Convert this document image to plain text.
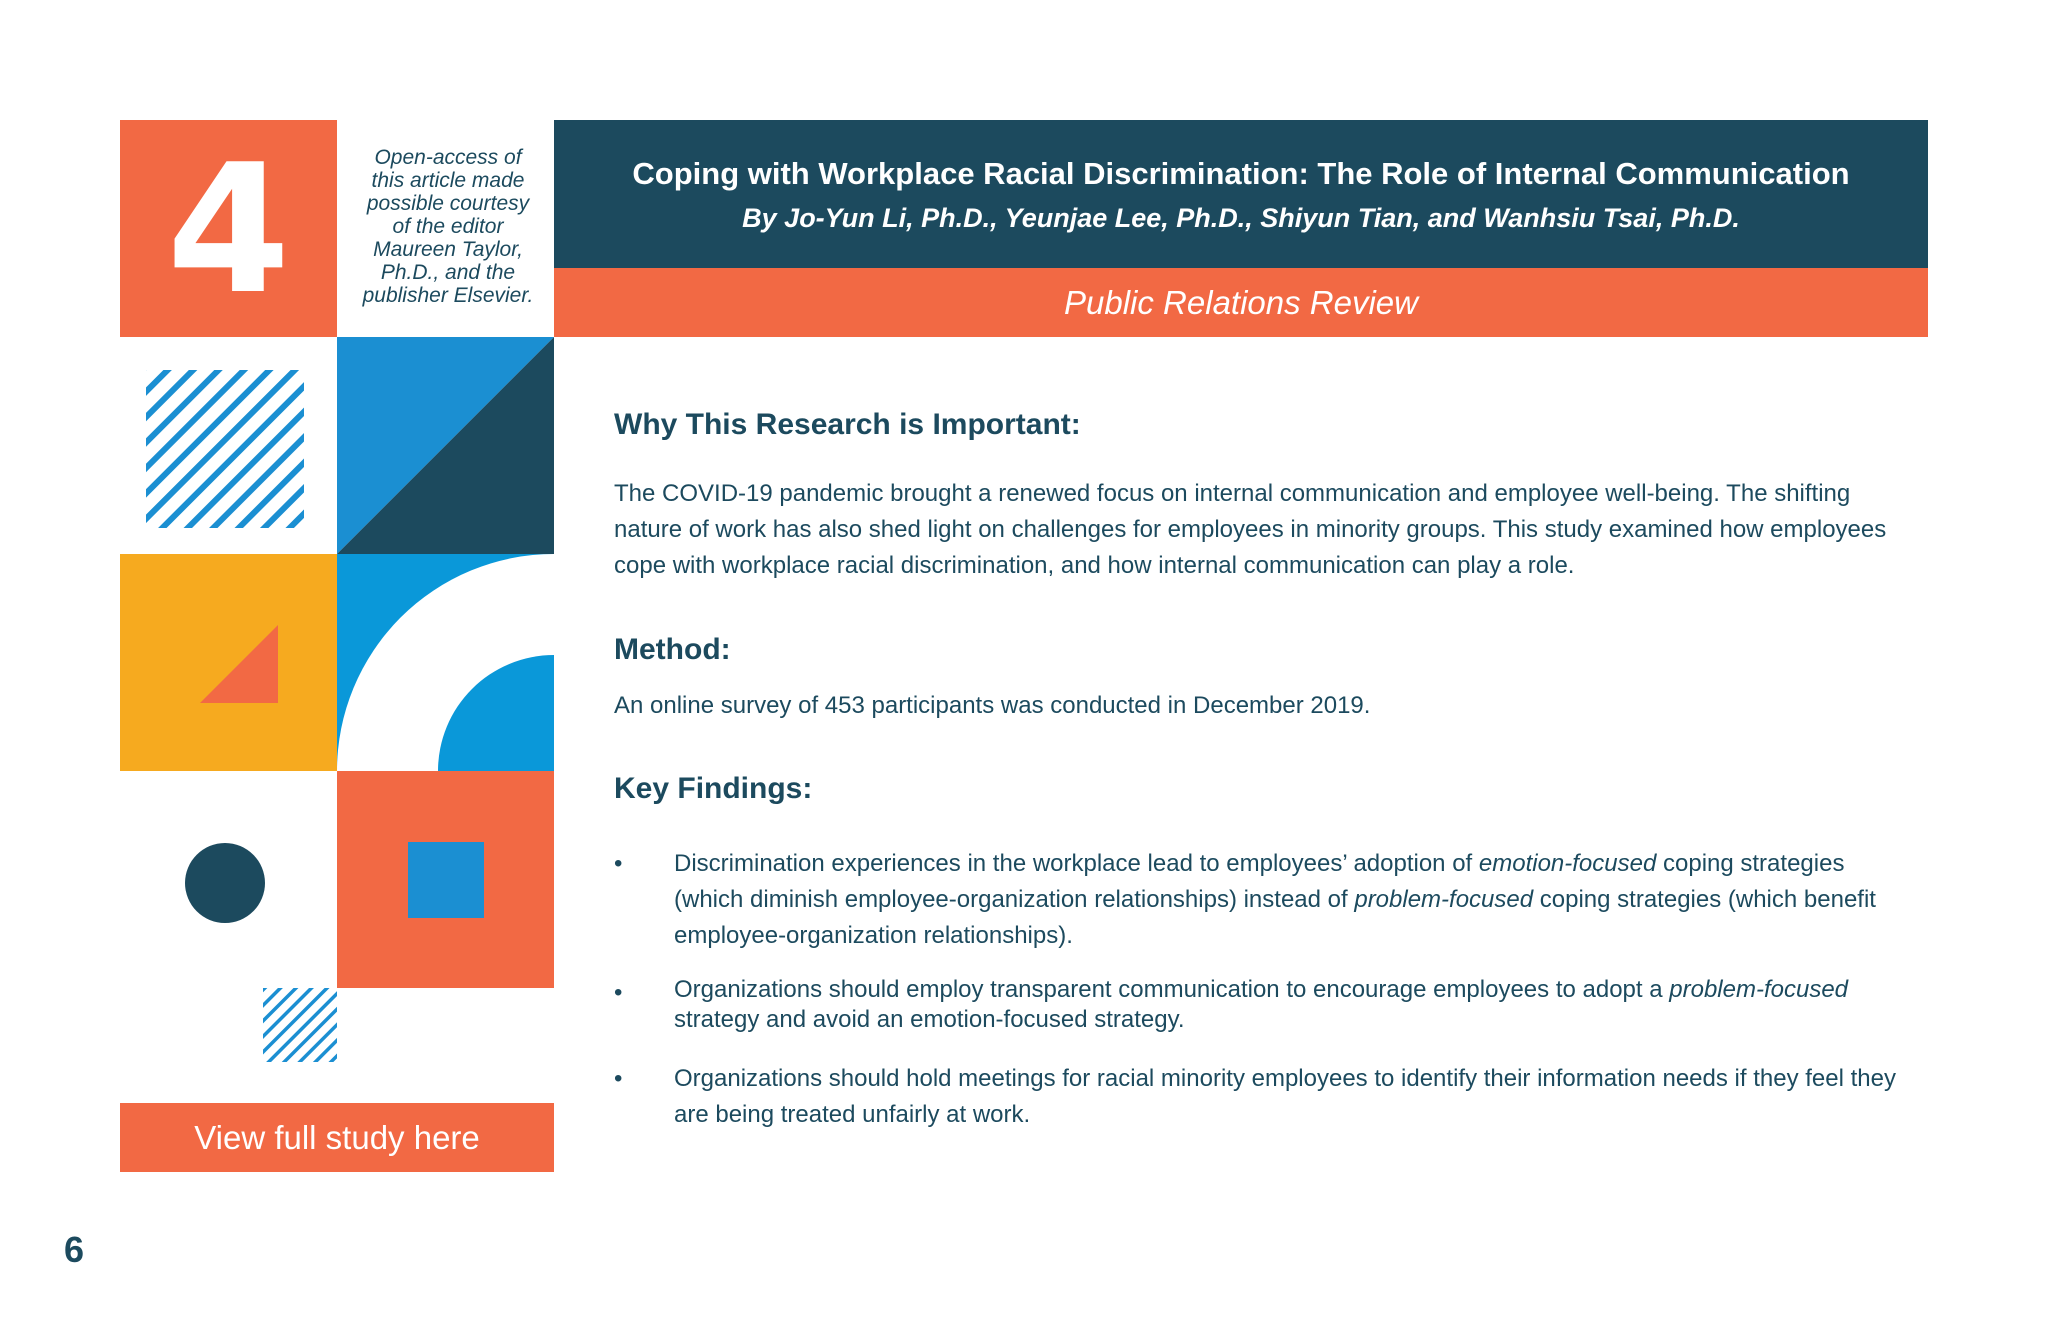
4	Open-access of
this article made
possible courtesy
of the editor
Maureen Taylor,
Ph.D., and the
publisher Elsevier.
Coping with Workplace Racial Discrimination: The Role of Internal Communication
By Jo-Yun Li, Ph.D., Yeunjae Lee, Ph.D., Shiyun Tian, and Wanhsiu Tsai, Ph.D.
Public Relations Review
Why This Research is Important:

The COVID-19 pandemic brought a renewed focus on internal communication and employee well-being. The shifting nature of work has also shed light on challenges for employees in minority groups. This study examined how employees cope with workplace racial discrimination, and how internal communication can play a role.

Method:

An online survey of 453 participants was conducted in December 2019.

Key Findings:
• Discrimination experiences in the workplace lead to employees’ adoption of emotion-focused coping strategies (which diminish employee-organization relationships) instead of problem-focused coping strategies (which benefit employee-organization relationships).

• Organizations should employ transparent communication to encourage employees to adopt a problem-focused strategy and avoid an emotion-focused strategy.

• Organizations should hold meetings for racial minority employees to identify their information needs if they feel they are being treated unfairly at work.

View full study here
6
